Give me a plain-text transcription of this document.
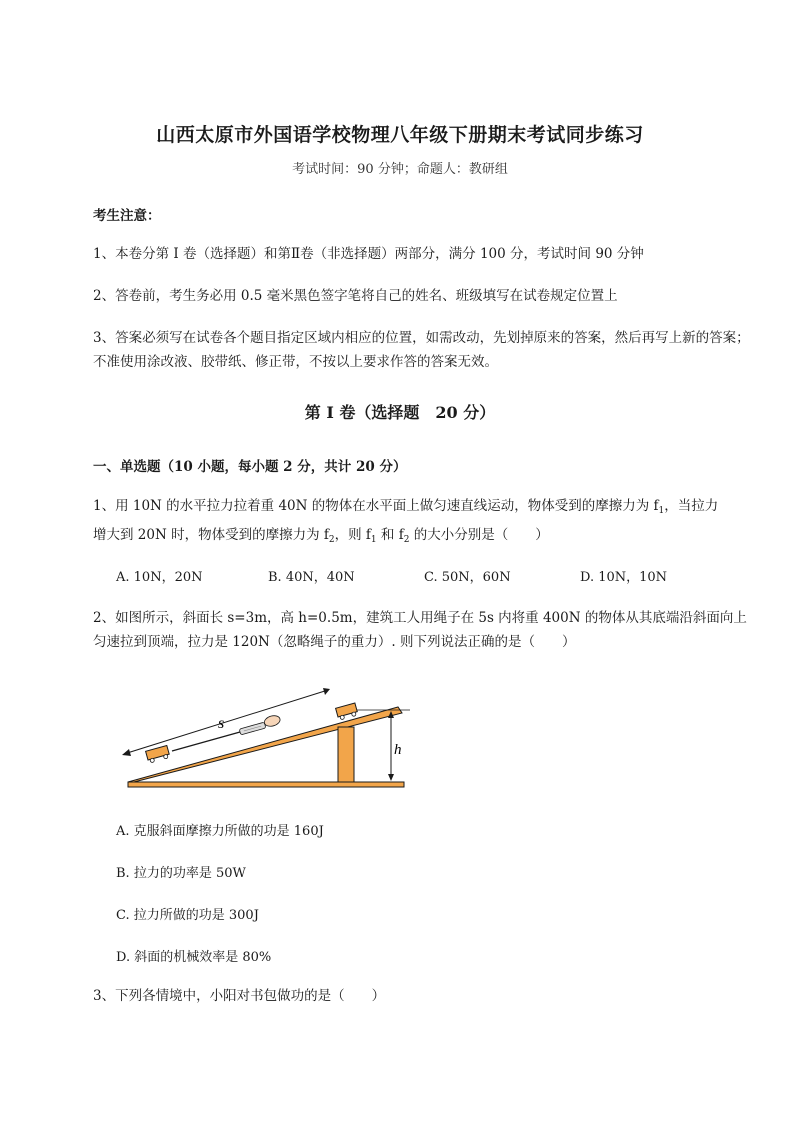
山西太原市外国语学校物理八年级下册期末考试同步练习
考试时间：90 分钟；命题人：教研组
考生注意：
1、本卷分第 I 卷（选择题）和第Ⅱ卷（非选择题）两部分，满分 100 分，考试时间 90 分钟
2、答卷前，考生务必用 0.5 毫米黑色签字笔将自己的姓名、班级填写在试卷规定位置上
3、答案必须写在试卷各个题目指定区域内相应的位置，如需改动，先划掉原来的答案，然后再写上新的答案；不准使用涂改液、胶带纸、修正带，不按以上要求作答的答案无效。
第 I 卷（选择题　20 分）
一、单选题（10 小题，每小题 2 分，共计 20 分）
1、用 10N 的水平拉力拉着重 40N 的物体在水平面上做匀速直线运动，物体受到的摩擦力为 $f_1$，当拉力
增大到 20N 时，物体受到的摩擦力为 $f_2$，则 $f_1$ 和 $f_2$ 的大小分别是（　　）
A. 10N，20N	B. 40N，40N	C. 50N，60N	D. 10N，10N
2、如图所示，斜面长 s=3m，高 h=0.5m，建筑工人用绳子在 5s 内将重 400N 的物体从其底端沿斜面向上匀速拉到顶端，拉力是 120N（忽略绳子的重力）. 则下列说法正确的是（　　）
h
s
A. 克服斜面摩擦力所做的功是 160J
B. 拉力的功率是 50W
C. 拉力所做的功是 300J
D. 斜面的机械效率是 80%
3、下列各情境中，小阳对书包做功的是（　　）
